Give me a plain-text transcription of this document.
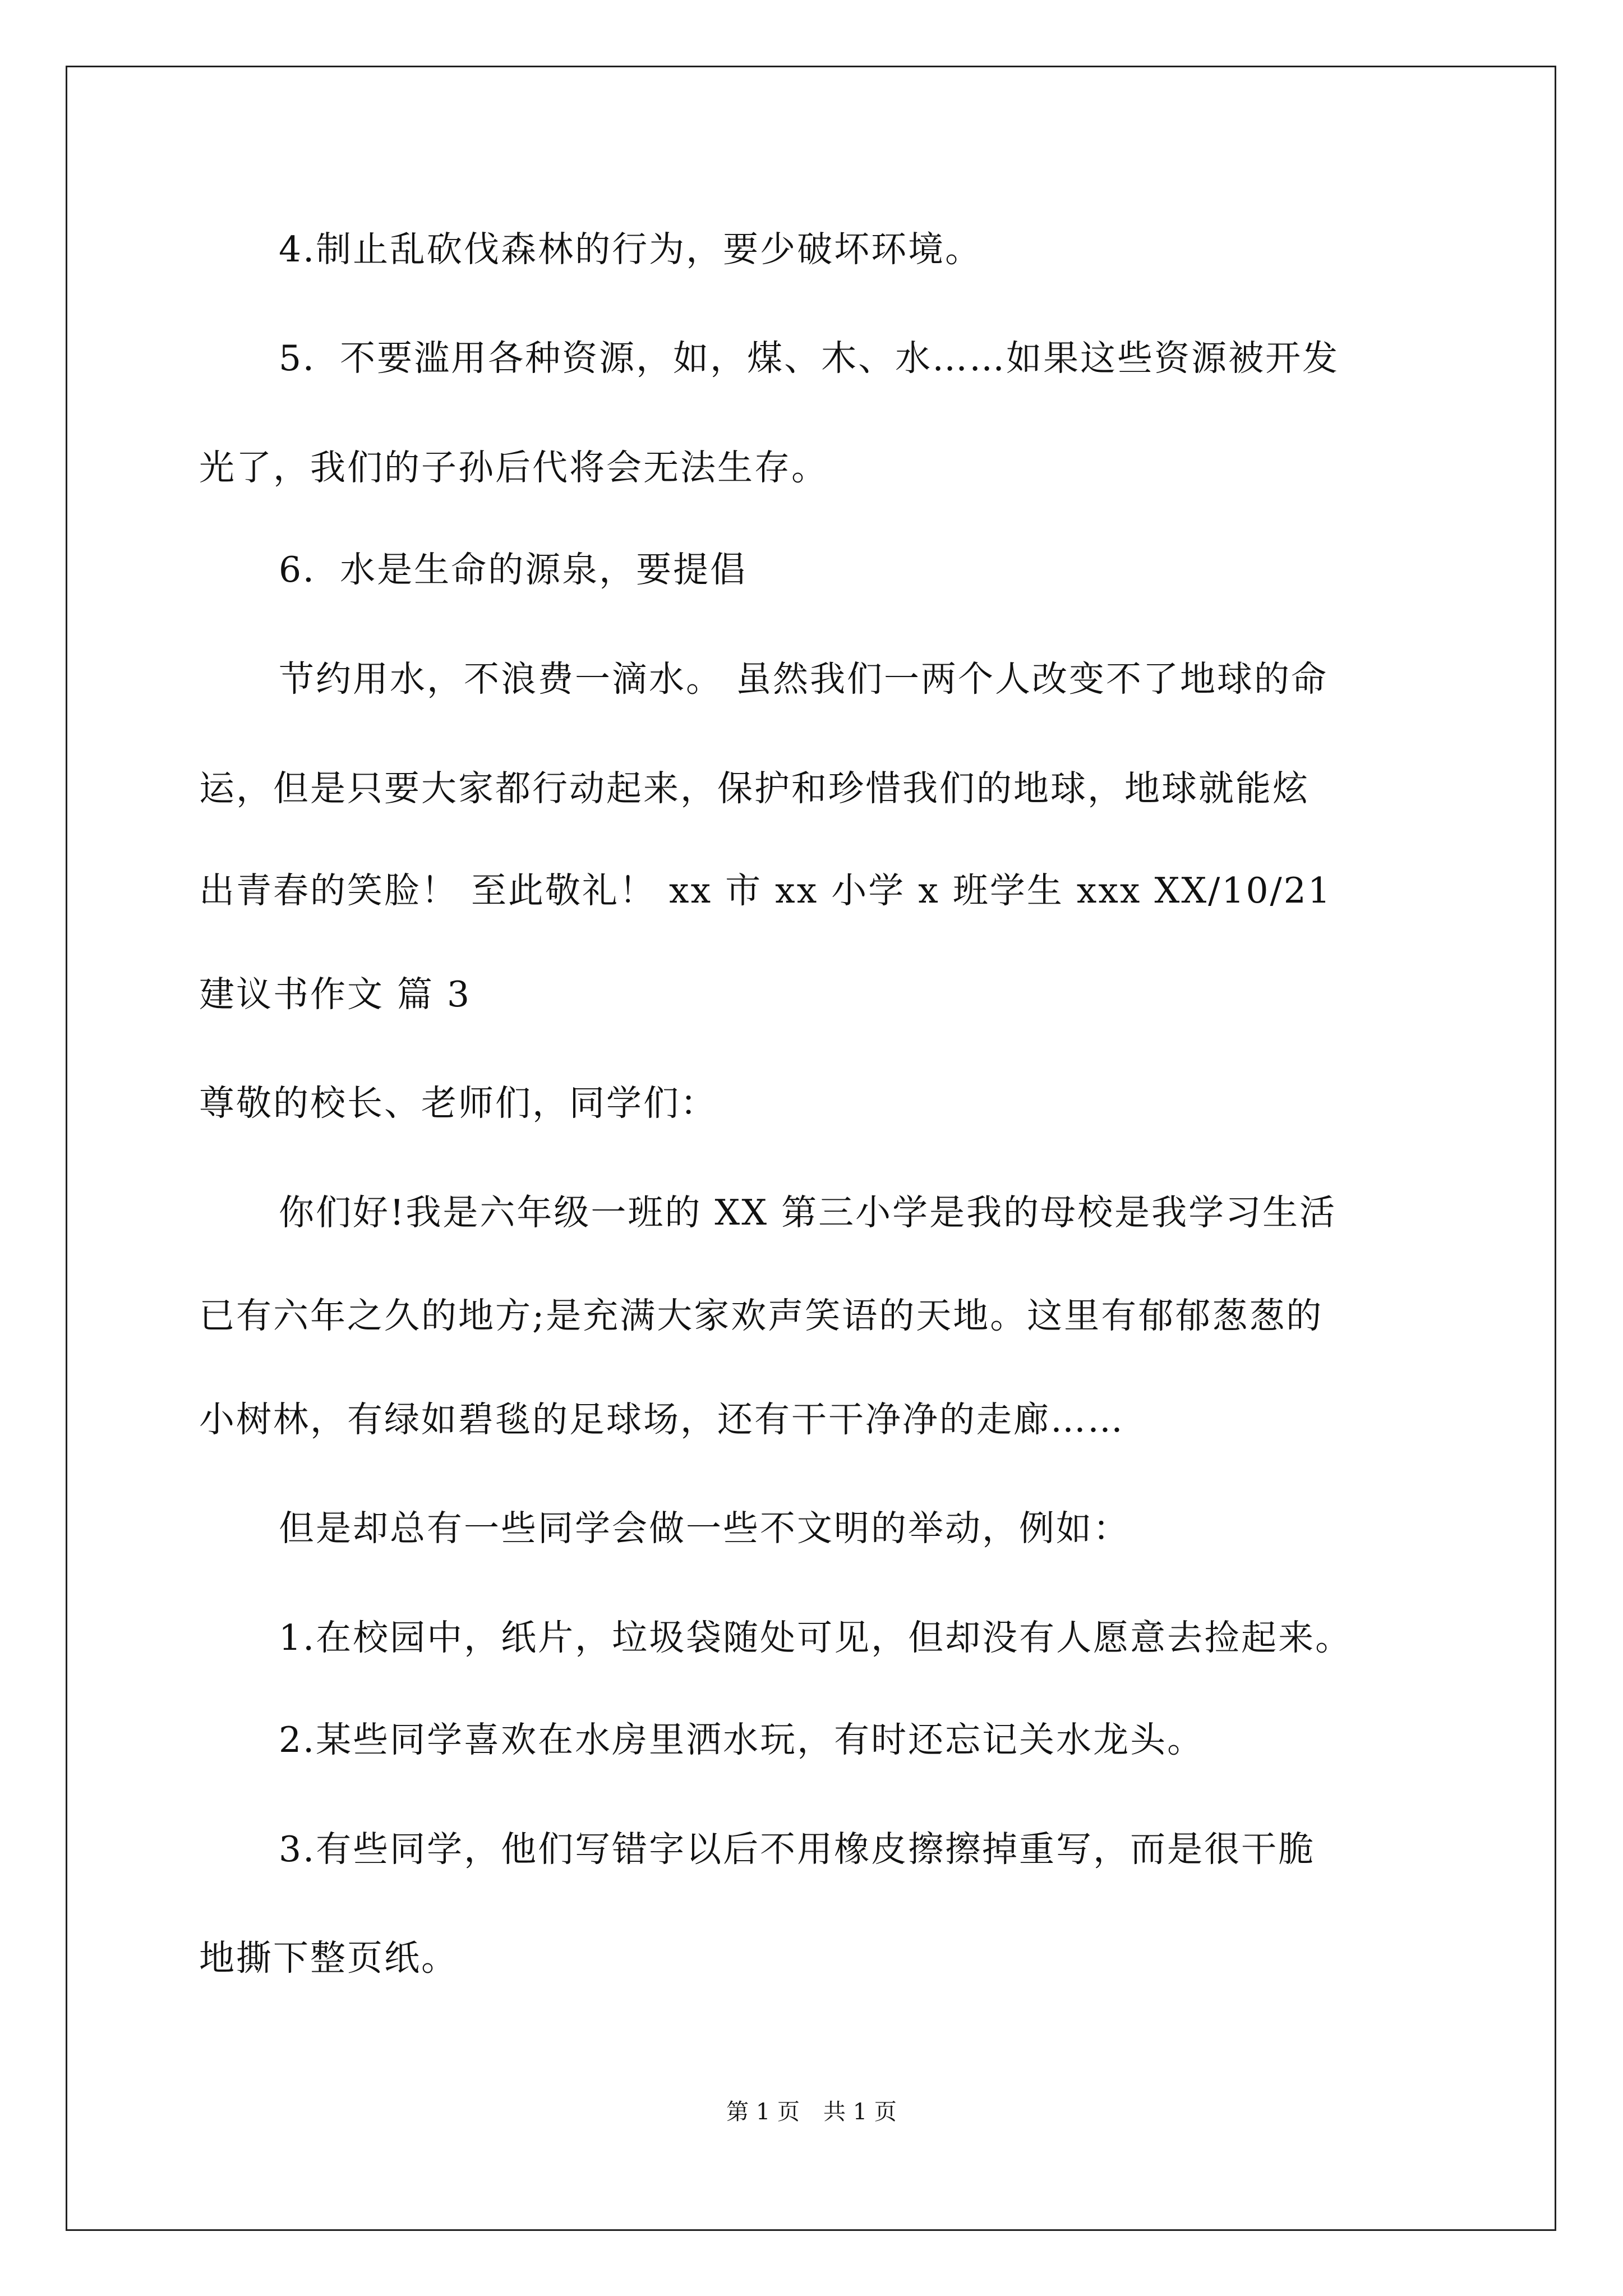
4.制止乱砍伐森林的行为，要少破坏环境。
5．不要滥用各种资源，如，煤、木、水……如果这些资源被开发
光了，我们的子孙后代将会无法生存。
6．水是生命的源泉，要提倡
节约用水，不浪费一滴水。 虽然我们一两个人改变不了地球的命
运，但是只要大家都行动起来，保护和珍惜我们的地球，地球就能炫
出青春的笑脸！ 至此敬礼！ xx 市 xx 小学 x 班学生 xxx XX/10/21
建议书作文 篇 3
尊敬的校长、老师们，同学们：
你们好!我是六年级一班的 XX 第三小学是我的母校是我学习生活
已有六年之久的地方;是充满大家欢声笑语的天地。这里有郁郁葱葱的
小树林，有绿如碧毯的足球场，还有干干净净的走廊……
但是却总有一些同学会做一些不文明的举动，例如：
1.在校园中，纸片，垃圾袋随处可见，但却没有人愿意去捡起来。
2.某些同学喜欢在水房里洒水玩，有时还忘记关水龙头。
3.有些同学，他们写错字以后不用橡皮擦擦掉重写，而是很干脆
地撕下整页纸。
第 1 页 共 1 页
